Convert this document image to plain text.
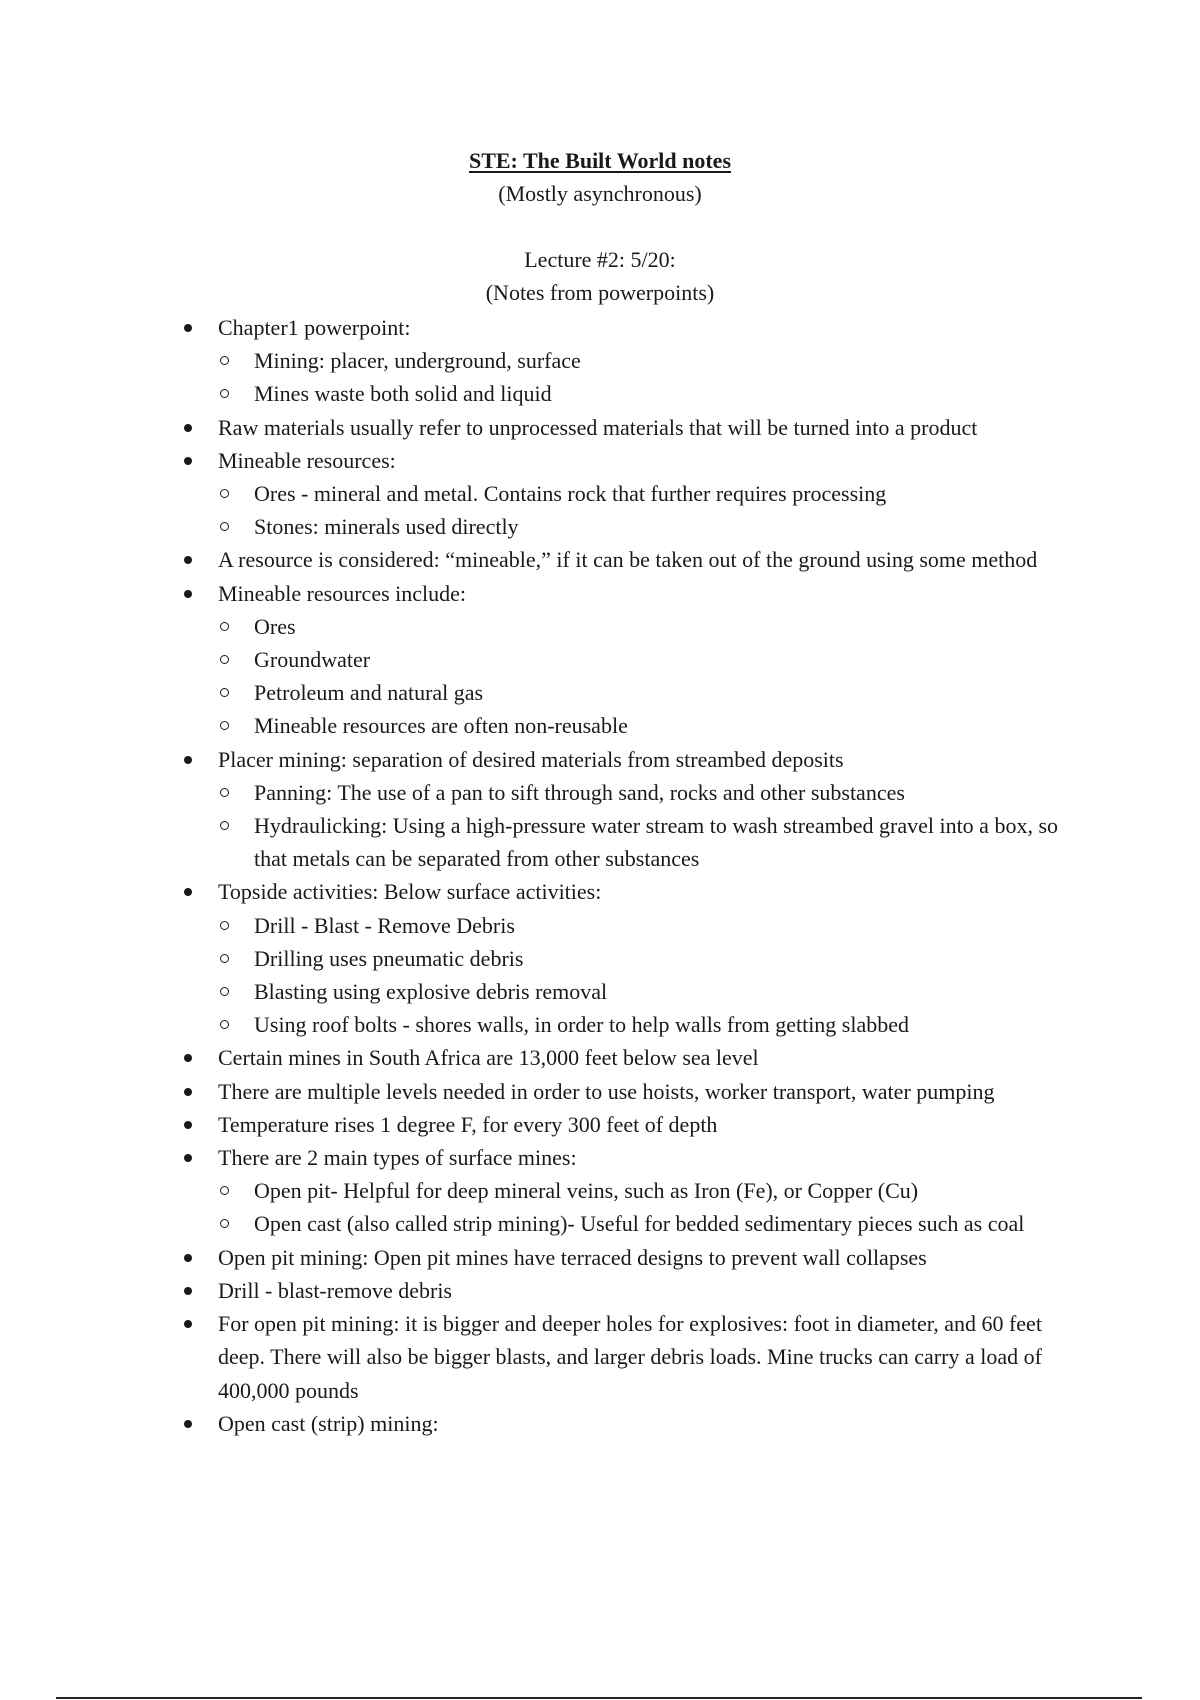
STE: The Built World notes
(Mostly asynchronous)
Lecture #2: 5/20:
(Notes from powerpoints)
Chapter1 powerpoint:
Mining: placer, underground, surface
Mines waste both solid and liquid
Raw materials usually refer to unprocessed materials that will be turned into a product
Mineable resources:
Ores - mineral and metal. Contains rock that further requires processing
Stones: minerals used directly
A resource is considered: “mineable,” if it can be taken out of the ground using some method
Mineable resources include:
Ores
Groundwater
Petroleum and natural gas
Mineable resources are often non-reusable
Placer mining: separation of desired materials from streambed deposits
Panning: The use of a pan to sift through sand, rocks and other substances
Hydraulicking: Using a high-pressure water stream to wash streambed gravel into a box, so that metals can be separated from other substances
Topside activities: Below surface activities:
Drill - Blast - Remove Debris
Drilling uses pneumatic debris
Blasting using explosive debris removal
Using roof bolts - shores walls, in order to help walls from getting slabbed
Certain mines in South Africa are 13,000 feet below sea level
There are multiple levels needed in order to use hoists, worker transport, water pumping
Temperature rises 1 degree F, for every 300 feet of depth
There are 2 main types of surface mines:
Open pit- Helpful for deep mineral veins, such as Iron (Fe), or Copper (Cu)
Open cast (also called strip mining)- Useful for bedded sedimentary pieces such as coal
Open pit mining: Open pit mines have terraced designs to prevent wall collapses
Drill - blast-remove debris
For open pit mining: it is bigger and deeper holes for explosives: foot in diameter, and 60 feet deep. There will also be bigger blasts, and larger debris loads. Mine trucks can carry a load of 400,000 pounds
Open cast (strip) mining:
